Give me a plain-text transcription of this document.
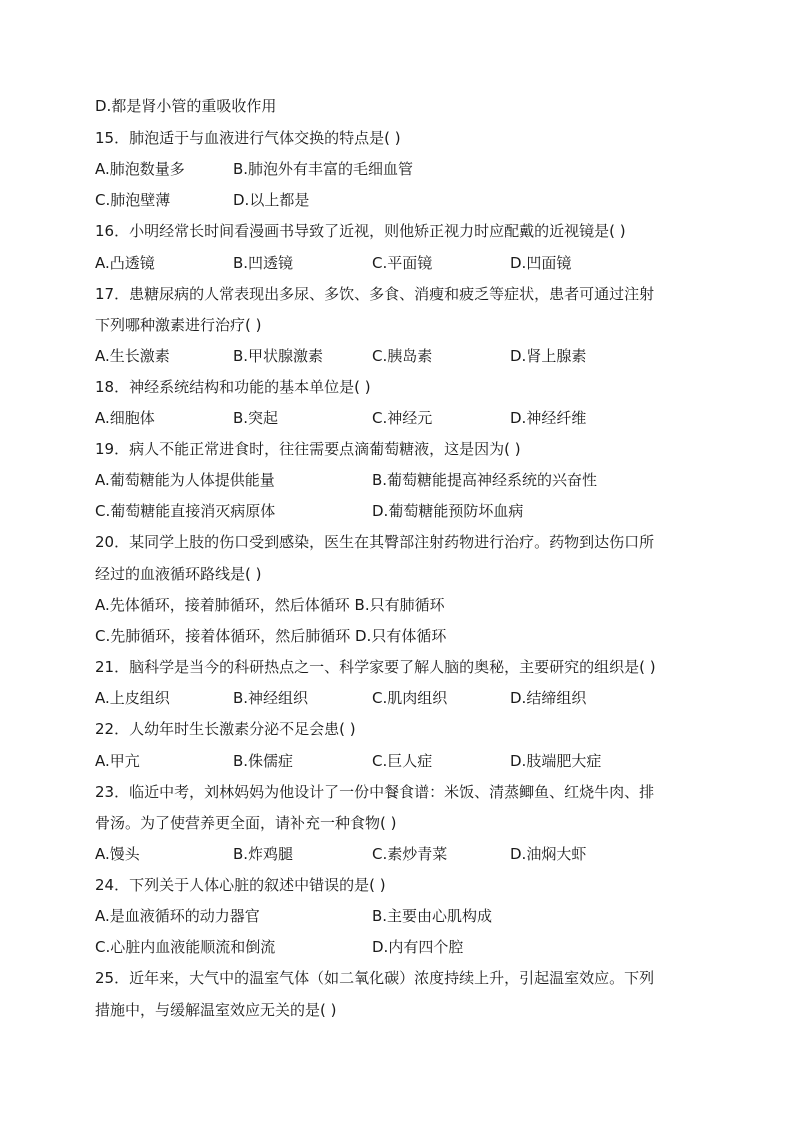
D.都是肾小管的重吸收作用
15．肺泡适于与血液进行气体交换的特点是( )
A.肺泡数量多	B.肺泡外有丰富的毛细血管
C.肺泡壁薄	D.以上都是
16．小明经常长时间看漫画书导致了近视，则他矫正视力时应配戴的近视镜是( )
A.凸透镜	B.凹透镜	C.平面镜	D.凹面镜
17．患糖尿病的人常表现出多尿、多饮、多食、消瘦和疲乏等症状，患者可通过注射
下列哪种激素进行治疗( )
A.生长激素	B.甲状腺激素	C.胰岛素	D.肾上腺素
18．神经系统结构和功能的基本单位是( )
A.细胞体	B.突起	C.神经元	D.神经纤维
19．病人不能正常进食时，往往需要点滴葡萄糖液，这是因为( )
A.葡萄糖能为人体提供能量	B.葡萄糖能提高神经系统的兴奋性
C.葡萄糖能直接消灭病原体	D.葡萄糖能预防坏血病
20．某同学上肢的伤口受到感染，医生在其臀部注射药物进行治疗。药物到达伤口所
经过的血液循环路线是( )
A.先体循环，接着肺循环，然后体循环 B.只有肺循环
C.先肺循环，接着体循环，然后肺循环 D.只有体循环
21．脑科学是当今的科研热点之一、科学家要了解人脑的奥秘，主要研究的组织是( )
A.上皮组织	B.神经组织	C.肌肉组织	D.结缔组织
22．人幼年时生长激素分泌不足会患( )
A.甲亢	B.侏儒症	C.巨人症	D.肢端肥大症
23．临近中考，刘林妈妈为他设计了一份中餐食谱：米饭、清蒸鲫鱼、红烧牛肉、排
骨汤。为了使营养更全面，请补充一种食物( )
A.馒头	B.炸鸡腿	C.素炒青菜	D.油焖大虾
24．下列关于人体心脏的叙述中错误的是( )
A.是血液循环的动力器官	B.主要由心肌构成
C.心脏内血液能顺流和倒流	D.内有四个腔
25．近年来，大气中的温室气体（如二氧化碳）浓度持续上升，引起温室效应。下列
措施中，与缓解温室效应无关的是( )
